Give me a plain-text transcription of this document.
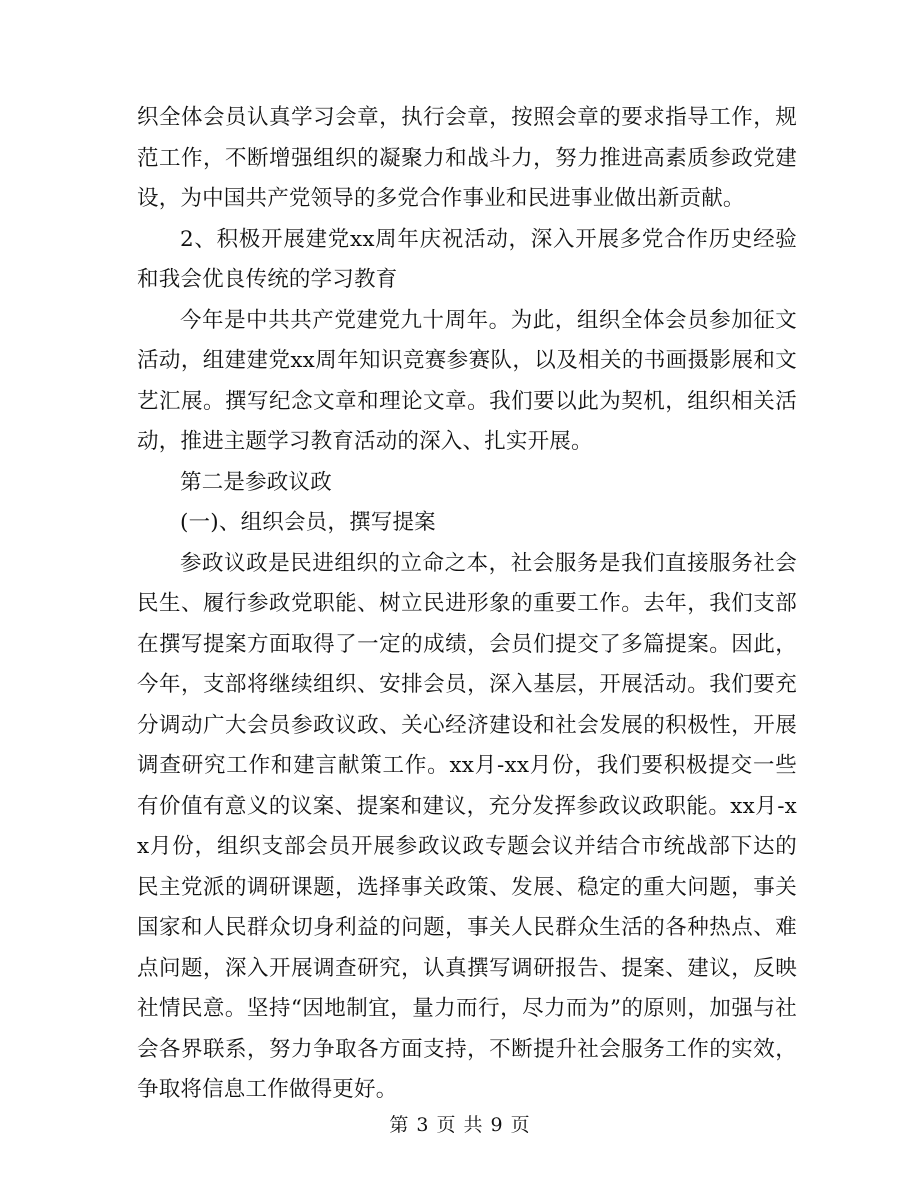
织全体会员认真学习会章，执行会章，按照会章的要求指导工作，规范工作，不断增强组织的凝聚力和战斗力，努力推进高素质参政党建设，为中国共产党领导的多党合作事业和民进事业做出新贡献。

2、积极开展建党xx周年庆祝活动，深入开展多党合作历史经验和我会优良传统的学习教育

今年是中共共产党建党九十周年。为此，组织全体会员参加征文活动，组建建党xx周年知识竞赛参赛队，以及相关的书画摄影展和文艺汇展。撰写纪念文章和理论文章。我们要以此为契机，组织相关活动，推进主题学习教育活动的深入、扎实开展。

第二是参政议政

(一)、组织会员，撰写提案

参政议政是民进组织的立命之本，社会服务是我们直接服务社会民生、履行参政党职能、树立民进形象的重要工作。去年，我们支部在撰写提案方面取得了一定的成绩，会员们提交了多篇提案。因此，今年，支部将继续组织、安排会员，深入基层，开展活动。我们要充分调动广大会员参政议政、关心经济建设和社会发展的积极性，开展调查研究工作和建言献策工作。xx月-xx月份，我们要积极提交一些有价值有意义的议案、提案和建议，充分发挥参政议政职能。xx月-xx月份，组织支部会员开展参政议政专题会议并结合市统战部下达的民主党派的调研课题，选择事关政策、发展、稳定的重大问题，事关国家和人民群众切身利益的问题，事关人民群众生活的各种热点、难点问题，深入开展调查研究，认真撰写调研报告、提案、建议，反映社情民意。坚持“因地制宜，量力而行，尽力而为”的原则，加强与社会各界联系，努力争取各方面支持，不断提升社会服务工作的实效，争取将信息工作做得更好。

第 3 页 共 9 页
